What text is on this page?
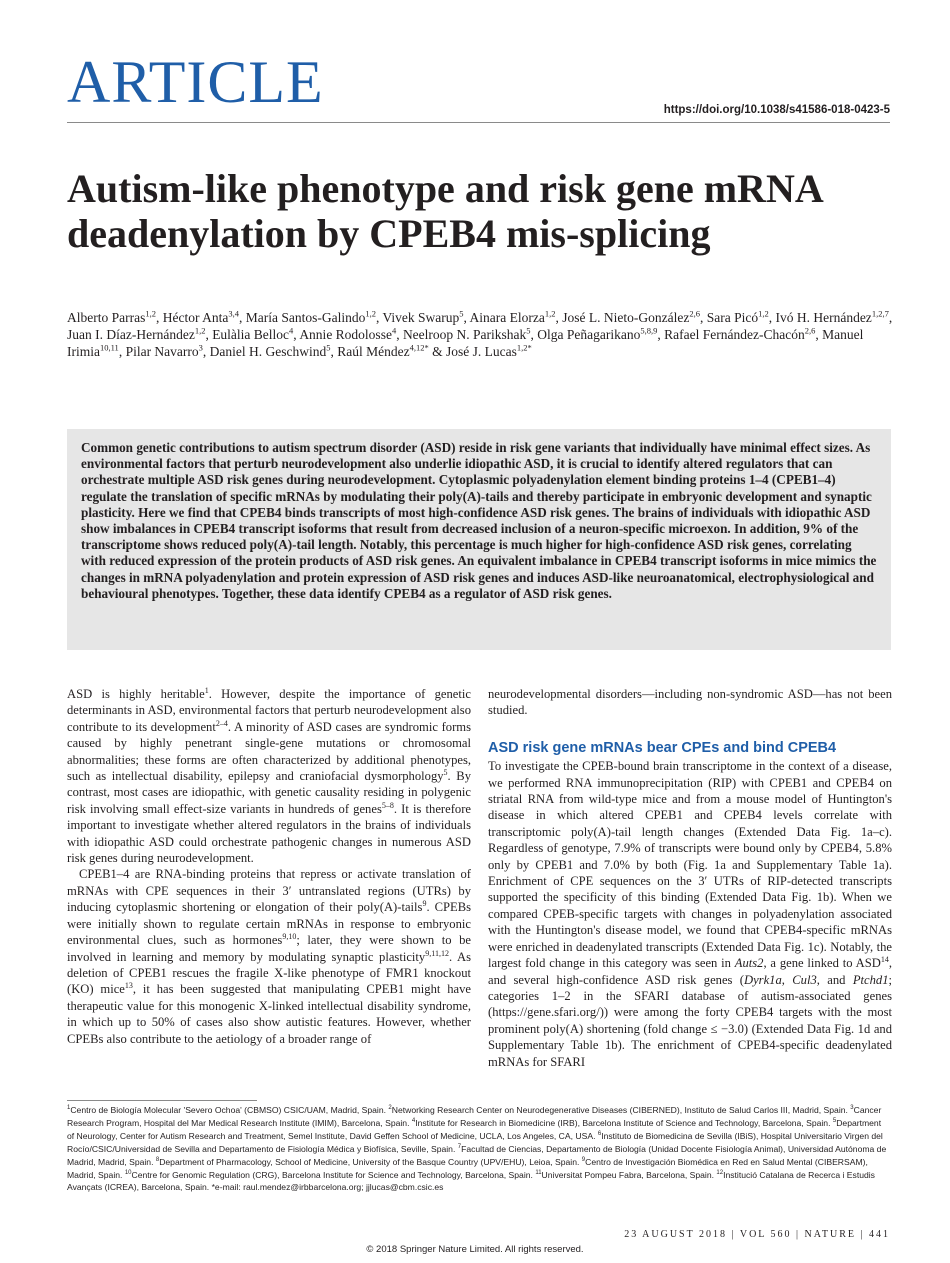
ARTICLE	https://doi.org/10.1038/s41586-018-0423-5
Autism-like phenotype and risk gene mRNA deadenylation by CPEB4 mis-splicing
Alberto Parras$^{1,2}$, Héctor Anta$^{3,4}$, María Santos-Galindo$^{1,2}$, Vivek Swarup$^5$, Ainara Elorza$^{1,2}$, José L. Nieto-González$^{2,6}$, Sara Picó$^{1,2}$, Ivó H. Hernández$^{1,2,7}$, Juan I. Díaz-Hernández$^{1,2}$, Eulàlia Belloc$^4$, Annie Rodolosse$^4$, Neelroop N. Parikshak$^5$, Olga Peñagarikano$^{5,8,9}$, Rafael Fernández-Chacón$^{2,6}$, Manuel Irimia$^{10,11}$, Pilar Navarro$^3$, Daniel H. Geschwind$^5$, Raúl Méndez$^{4,12*}$ & José J. Lucas$^{1,2*}$

Common genetic contributions to autism spectrum disorder (ASD) reside in risk gene variants that individually have minimal effect sizes. As environmental factors that perturb neurodevelopment also underlie idiopathic ASD, it is crucial to identify altered regulators that can orchestrate multiple ASD risk genes during neurodevelopment. Cytoplasmic polyadenylation element binding proteins 1–4 (CPEB1–4) regulate the translation of specific mRNAs by modulating their poly(A)-tails and thereby participate in embryonic development and synaptic plasticity. Here we find that CPEB4 binds transcripts of most high-confidence ASD risk genes. The brains of individuals with idiopathic ASD show imbalances in CPEB4 transcript isoforms that result from decreased inclusion of a neuron-specific microexon. In addition, 9% of the transcriptome shows reduced poly(A)-tail length. Notably, this percentage is much higher for high-confidence ASD risk genes, correlating with reduced expression of the protein products of ASD risk genes. An equivalent imbalance in CPEB4 transcript isoforms in mice mimics the changes in mRNA polyadenylation and protein expression of ASD risk genes and induces ASD-like neuroanatomical, electrophysiological and behavioural phenotypes. Together, these data identify CPEB4 as a regulator of ASD risk genes.

ASD is highly heritable$^1$. However, despite the importance of genetic determinants in ASD, environmental factors that perturb neurodevelopment also contribute to its development$^{2-4}$. A minority of ASD cases are syndromic forms caused by highly penetrant single-gene mutations or chromosomal abnormalities; these forms are often characterized by additional phenotypes, such as intellectual disability, epilepsy and craniofacial dysmorphology$^5$. By contrast, most cases are idiopathic, with genetic causality residing in polygenic risk involving small effect-size variants in hundreds of genes$^{5-8}$. It is therefore important to investigate whether altered regulators in the brains of individuals with idiopathic ASD could orchestrate pathogenic changes in numerous ASD risk genes during neurodevelopment.

CPEB1–4 are RNA-binding proteins that repress or activate translation of mRNAs with CPE sequences in their 3′ untranslated regions (UTRs) by inducing cytoplasmic shortening or elongation of their poly(A)-tails$^9$. CPEBs were initially shown to regulate certain mRNAs in response to embryonic environmental clues, such as hormones$^{9,10}$; later, they were shown to be involved in learning and memory by modulating synaptic plasticity$^{9,11,12}$. As deletion of CPEB1 rescues the fragile X-like phenotype of FMR1 knockout (KO) mice$^{13}$, it has been suggested that manipulating CPEB1 might have therapeutic value for this monogenic X-linked intellectual disability syndrome, in which up to 50% of cases also show autistic features. However, whether CPEBs also contribute to the aetiology of a broader range of

neurodevelopmental disorders—including non-syndromic ASD—has not been studied.

ASD risk gene mRNAs bear CPEs and bind CPEB4

To investigate the CPEB-bound brain transcriptome in the context of a disease, we performed RNA immunoprecipitation (RIP) with CPEB1 and CPEB4 on striatal RNA from wild-type mice and from a mouse model of Huntington's disease in which altered CPEB1 and CPEB4 levels correlate with transcriptomic poly(A)-tail length changes (Extended Data Fig. 1a–c). Regardless of genotype, 7.9% of transcripts were bound only by CPEB4, 5.8% only by CPEB1 and 7.0% by both (Fig. 1a and Supplementary Table 1a). Enrichment of CPE sequences on the 3′ UTRs of RIP-detected transcripts supported the specificity of this binding (Extended Data Fig. 1b). When we compared CPEB-specific targets with changes in polyadenylation associated with the Huntington's disease model, we found that CPEB4-specific mRNAs were enriched in deadenylated transcripts (Extended Data Fig. 1c). Notably, the largest fold change in this category was seen in Auts2, a gene linked to ASD$^{14}$, and several high-confidence ASD risk genes (Dyrk1a, Cul3, and Ptchd1; categories 1–2 in the SFARI database of autism-associated genes (https://gene.sfari.org/)) were among the forty CPEB4 targets with the most prominent poly(A) shortening (fold change ≤ −3.0) (Extended Data Fig. 1d and Supplementary Table 1b). The enrichment of CPEB4-specific deadenylated mRNAs for SFARI

$^1$Centro de Biología Molecular 'Severo Ochoa' (CBMSO) CSIC/UAM, Madrid, Spain. $^2$Networking Research Center on Neurodegenerative Diseases (CIBERNED), Instituto de Salud Carlos III, Madrid, Spain. $^3$Cancer Research Program, Hospital del Mar Medical Research Institute (IMIM), Barcelona, Spain. $^4$Institute for Research in Biomedicine (IRB), Barcelona Institute of Science and Technology, Barcelona, Spain. $^5$Department of Neurology, Center for Autism Research and Treatment, Semel Institute, David Geffen School of Medicine, UCLA, Los Angeles, CA, USA. $^6$Instituto de Biomedicina de Sevilla (IBiS), Hospital Universitario Virgen del Rocío/CSIC/Universidad de Sevilla and Departamento de Fisiología Médica y Biofísica, Seville, Spain. $^7$Facultad de Ciencias, Departamento de Biología (Unidad Docente Fisiología Animal), Universidad Autónoma de Madrid, Madrid, Spain. $^8$Department of Pharmacology, School of Medicine, University of the Basque Country (UPV/EHU), Leioa, Spain. $^9$Centro de Investigación Biomédica en Red en Salud Mental (CIBERSAM), Madrid, Spain. $^{10}$Centre for Genomic Regulation (CRG), Barcelona Institute for Science and Technology, Barcelona, Spain. $^{11}$Universitat Pompeu Fabra, Barcelona, Spain. $^{12}$Institució Catalana de Recerca i Estudis Avançats (ICREA), Barcelona, Spain. *e-mail: raul.mendez@irbbarcelona.org; jjlucas@cbm.csic.es
23 AUGUST 2018 | VOL 560 | NATURE | 441
© 2018 Springer Nature Limited. All rights reserved.
